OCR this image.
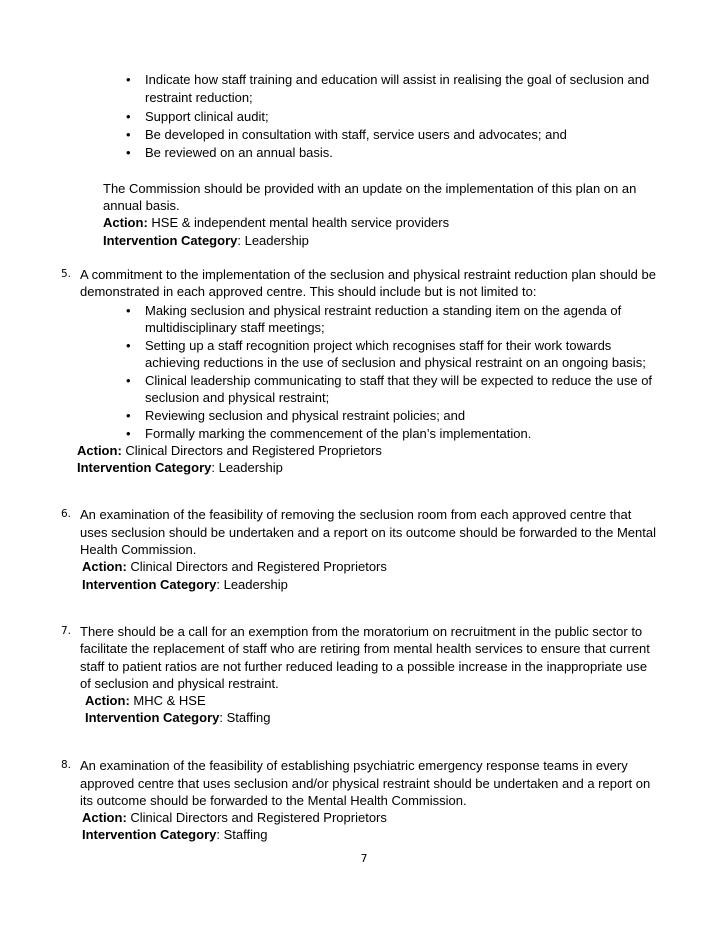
• Indicate how staff training and education will assist in realising the goal of seclusion and
restraint reduction;
• Support clinical audit;
• Be developed in consultation with staff, service users and advocates; and
• Be reviewed on an annual basis.
The Commission should be provided with an update on the implementation of this plan on an
annual basis.
Action: HSE & independent mental health service providers
Intervention Category: Leadership
5. A commitment to the implementation of the seclusion and physical restraint reduction plan should be
demonstrated in each approved centre. This should include but is not limited to:
• Making seclusion and physical restraint reduction a standing item on the agenda of
multidisciplinary staff meetings;
• Setting up a staff recognition project which recognises staff for their work towards
achieving reductions in the use of seclusion and physical restraint on an ongoing basis;
• Clinical leadership communicating to staff that they will be expected to reduce the use of
seclusion and physical restraint;
• Reviewing seclusion and physical restraint policies; and
• Formally marking the commencement of the plan’s implementation.
Action: Clinical Directors and Registered Proprietors
Intervention Category: Leadership
6. An examination of the feasibility of removing the seclusion room from each approved centre that
uses seclusion should be undertaken and a report on its outcome should be forwarded to the Mental
Health Commission.
Action: Clinical Directors and Registered Proprietors
Intervention Category: Leadership
7. There should be a call for an exemption from the moratorium on recruitment in the public sector to
facilitate the replacement of staff who are retiring from mental health services to ensure that current
staff to patient ratios are not further reduced leading to a possible increase in the inappropriate use
of seclusion and physical restraint.
Action: MHC & HSE
Intervention Category: Staffing
8. An examination of the feasibility of establishing psychiatric emergency response teams in every
approved centre that uses seclusion and/or physical restraint should be undertaken and a report on
its outcome should be forwarded to the Mental Health Commission.
Action: Clinical Directors and Registered Proprietors
Intervention Category: Staffing
7
